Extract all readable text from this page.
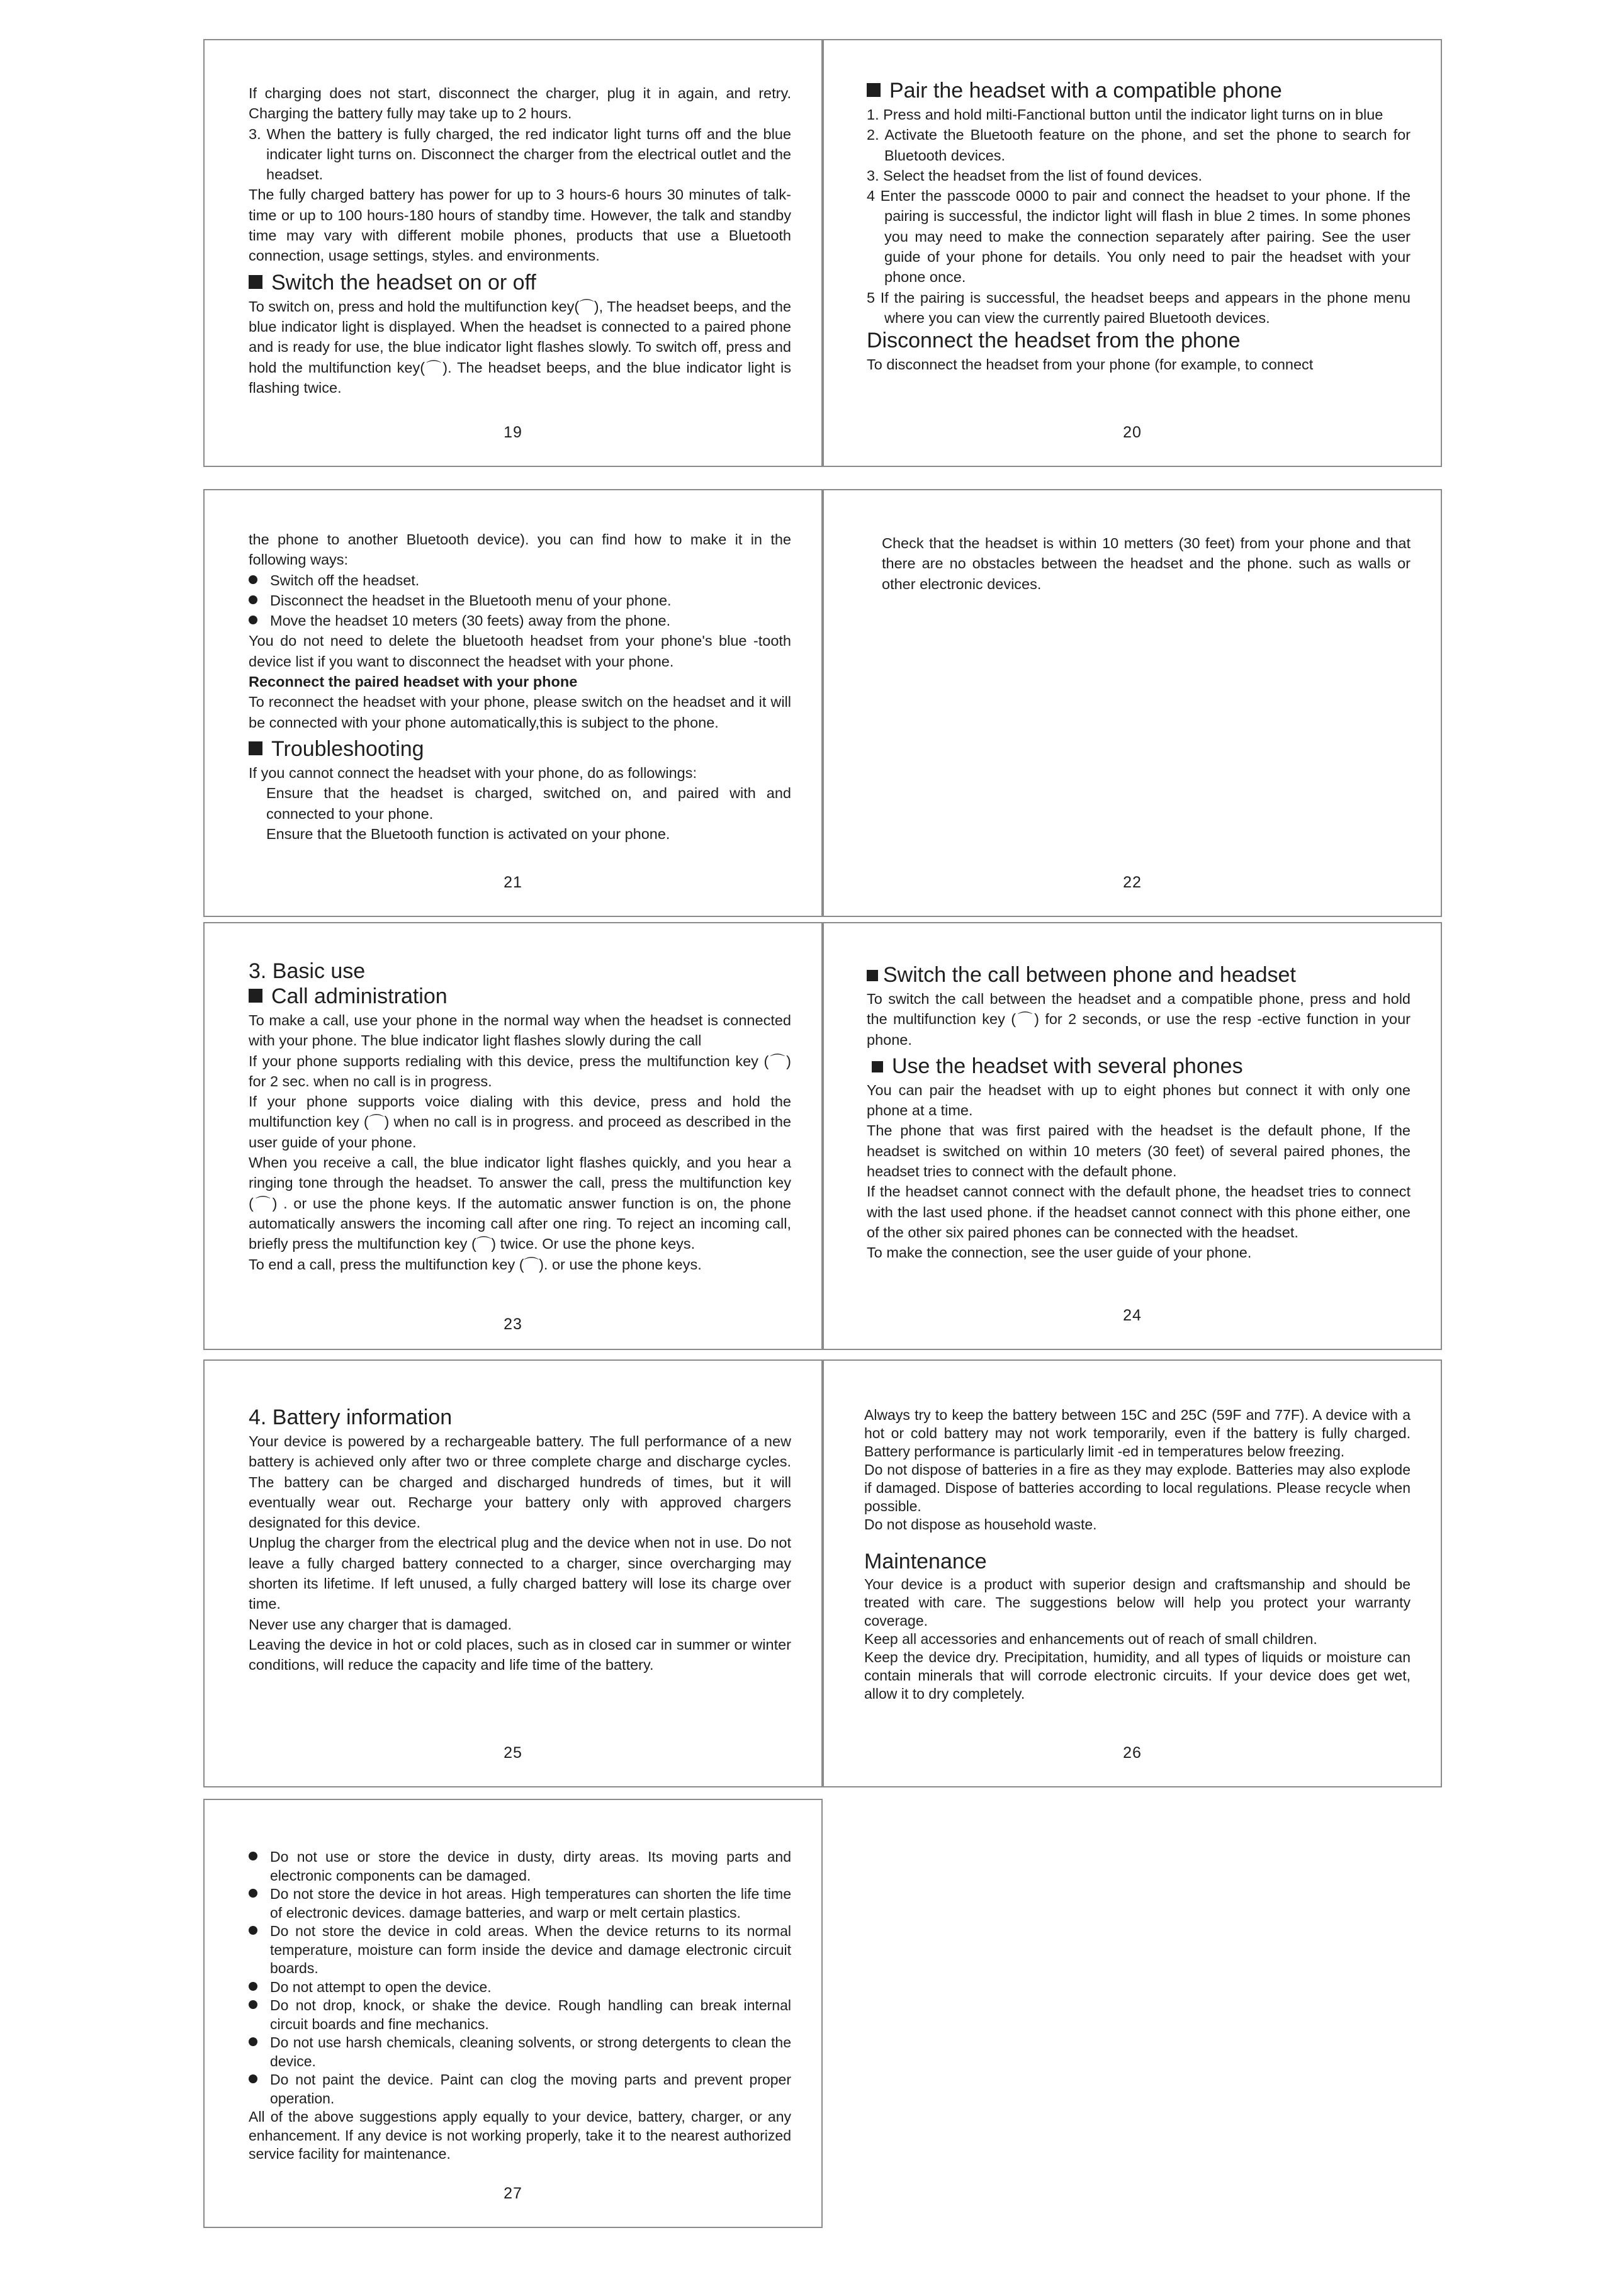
If charging does not start, disconnect the charger, plug it in again, and retry. Charging the battery fully may take up to 2 hours.

3. When the battery is fully charged, the red indicator light turns off and the blue indicater light turns on. Disconnect the charger from the electrical outlet and the headset.

The fully charged battery has power for up to 3 hours-6 hours 30 minutes of talk-time or up to 100 hours-180 hours of standby time. However, the talk and standby time may vary with different mobile phones, products that use a Bluetooth connection, usage settings, styles. and environments.

Switch the headset on or off

To switch on, press and hold the multifunction key(⌒), The headset beeps, and the blue indicator light is displayed. When the headset is connected to a paired phone and is ready for use, the blue indicator light flashes slowly. To switch off, press and hold the multifunction key(⌒). The headset beeps, and the blue indicator light is flashing twice.

19

Pair the headset with a compatible phone

1. Press and hold milti-Fanctional button until the indicator light turns on in blue

2. Activate the Bluetooth feature on the phone, and set the phone to search for Bluetooth devices.

3. Select the headset from the list of found devices.

4 Enter the passcode 0000 to pair and connect the headset to your phone. If the pairing is successful, the indictor light will flash in blue 2 times. In some phones you may need to make the connection separately after pairing. See the user guide of your phone for details. You only need to pair the headset with your phone once.

5 If the pairing is successful, the headset beeps and appears in the phone menu where you can view the currently paired Bluetooth devices.

Disconnect the headset from the phone

To disconnect the headset from your phone (for example, to connect

20

the phone to another Bluetooth device). you can find how to make it in the following ways:

Switch off the headset.

Disconnect the headset in the Bluetooth menu of your phone.

Move the headset 10 meters (30 feets) away from the phone.

You do not need to delete the bluetooth headset from your phone's blue -tooth device list if you want to disconnect the headset with your phone.

Reconnect the paired headset with your phone

To reconnect the headset with your phone, please switch on the headset and it will be connected with your phone automatically,this is subject to the phone.

Troubleshooting

If you cannot connect the headset with your phone, do as followings:

Ensure that the headset is charged, switched on, and paired with and connected to your phone.

Ensure that the Bluetooth function is activated on your phone.

21

Check that the headset is within 10 metters (30 feet) from your phone and that there are no obstacles between the headset and the phone. such as walls or other electronic devices.

22

3. Basic use

Call administration

To make a call, use your phone in the normal way when the headset is connected with your phone. The blue indicator light flashes slowly during the call

If your phone supports redialing with this device, press the multifunction key (⌒) for 2 sec. when no call is in progress.

If your phone supports voice dialing with this device, press and hold the multifunction key (⌒) when no call is in progress. and proceed as described in the user guide of your phone.

When you receive a call, the blue indicator light flashes quickly, and you hear a ringing tone through the headset. To answer the call, press the multifunction key (⌒) . or use the phone keys. If the automatic answer function is on, the phone automatically answers the incoming call after one ring. To reject an incoming call, briefly press the multifunction key (⌒) twice. Or use the phone keys.

To end a call, press the multifunction key (⌒). or use the phone keys.

23

Switch the call between phone and headset

To switch the call between the headset and a compatible phone, press and hold the multifunction key (⌒) for 2 seconds, or use the resp -ective function in your phone.

Use the headset with several phones

You can pair the headset with up to eight phones but connect it with only one phone at a time.

The phone that was first paired with the headset is the default phone, If the headset is switched on within 10 meters (30 feet) of several paired phones, the headset tries to connect with the default phone.

If the headset cannot connect with the default phone, the headset tries to connect with the last used phone. if the headset cannot connect with this phone either, one of the other six paired phones can be connected with the headset.

To make the connection, see the user guide of your phone.

24

4. Battery information

Your device is powered by a rechargeable battery. The full performance of a new battery is achieved only after two or three complete charge and discharge cycles. The battery can be charged and discharged hundreds of times, but it will eventually wear out. Recharge your battery only with approved chargers designated for this device.

Unplug the charger from the electrical plug and the device when not in use. Do not leave a fully charged battery connected to a charger, since overcharging may shorten its lifetime. If left unused, a fully charged battery will lose its charge over time.

Never use any charger that is damaged.

Leaving the device in hot or cold places, such as in closed car in summer or winter conditions, will reduce the capacity and life time of the battery.

25

Always try to keep the battery between 15C and 25C (59F and 77F). A device with a hot or cold battery may not work temporarily, even if the battery is fully charged. Battery performance is particularly limit -ed in temperatures below freezing.

Do not dispose of batteries in a fire as they may explode. Batteries may also explode if damaged. Dispose of batteries according to local regulations. Please recycle when possible.

Do not dispose as household waste.

Maintenance

Your device is a product with superior design and craftsmanship and should be treated with care. The suggestions below will help you protect your warranty coverage.

Keep all accessories and enhancements out of reach of small children.

Keep the device dry. Precipitation, humidity, and all types of liquids or moisture can contain minerals that will corrode electronic circuits. If your device does get wet, allow it to dry completely.

26

Do not use or store the device in dusty, dirty areas. Its moving parts and electronic components can be damaged.

Do not store the device in hot areas. High temperatures can shorten the life time of electronic devices. damage batteries, and warp or melt certain plastics.

Do not store the device in cold areas. When the device returns to its normal temperature, moisture can form inside the device and damage electronic circuit boards.

Do not attempt to open the device.

Do not drop, knock, or shake the device. Rough handling can break internal circuit boards and fine mechanics.

Do not use harsh chemicals, cleaning solvents, or strong detergents to clean the device.

Do not paint the device. Paint can clog the moving parts and prevent proper operation.

All of the above suggestions apply equally to your device, battery, charger, or any enhancement. If any device is not working properly, take it to the nearest authorized service facility for maintenance.

27
